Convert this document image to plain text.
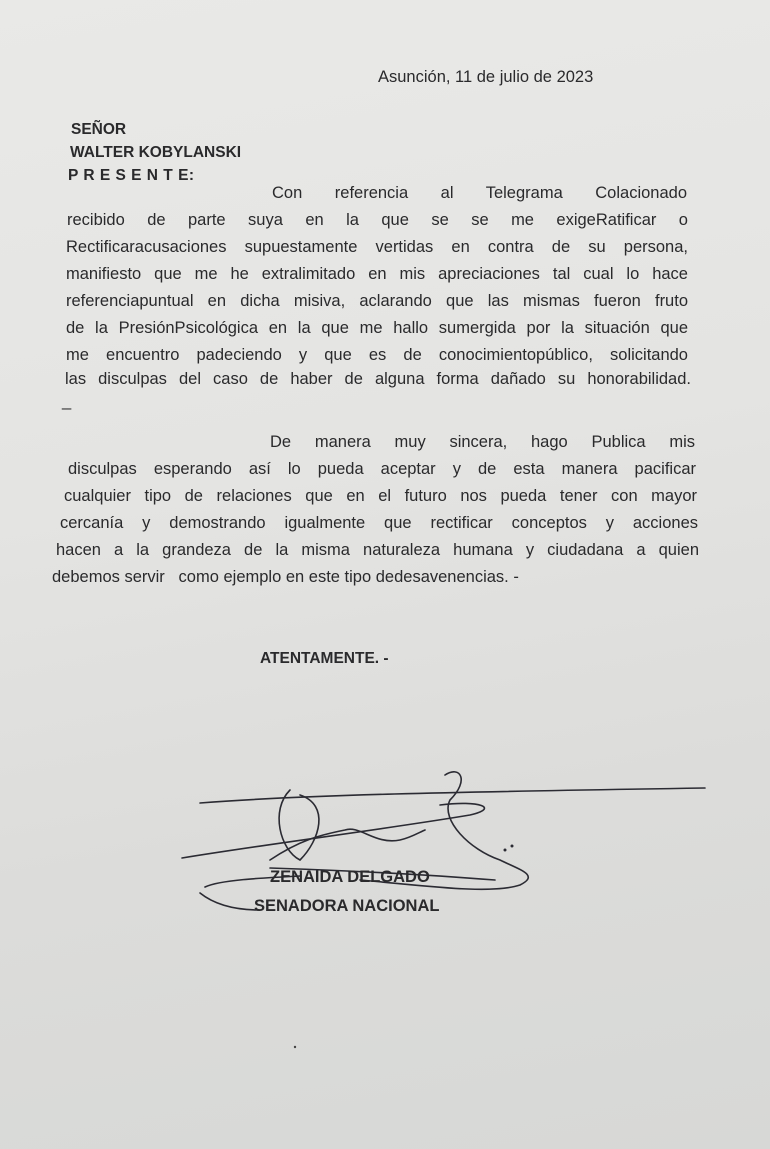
Asunción, 11 de julio de 2023
SEÑOR
WALTER KOBYLANSKI
P R E S E N T E:
Con referencia al Telegrama Colacionado
recibido de parte suya en la que se se me exigeRatificar o
Rectificaracusaciones supuestamente vertidas en contra de su persona,
manifiesto que me he extralimitado en mis apreciaciones tal cual lo hace
referenciapuntual en dicha misiva, aclarando que las mismas fueron fruto
de la PresiónPsicológica en la que me hallo sumergida por la situación que
me encuentro padeciendo y que es de conocimientopúblico, solicitando
las disculpas del caso de haber de alguna forma dañado su honorabilidad.
_
De manera muy sincera, hago Publica mis
disculpas esperando así lo pueda aceptar y de esta manera pacificar
cualquier tipo de relaciones que en el futuro nos pueda tener con mayor
cercanía y demostrando igualmente que rectificar conceptos y acciones
hacen a la grandeza de la misma naturaleza humana y ciudadana a quien
debemos servir   como ejemplo en este tipo dedesavenencias. -
ATENTAMENTE. -
ZENAIDA DELGADO
SENADORA NACIONAL
